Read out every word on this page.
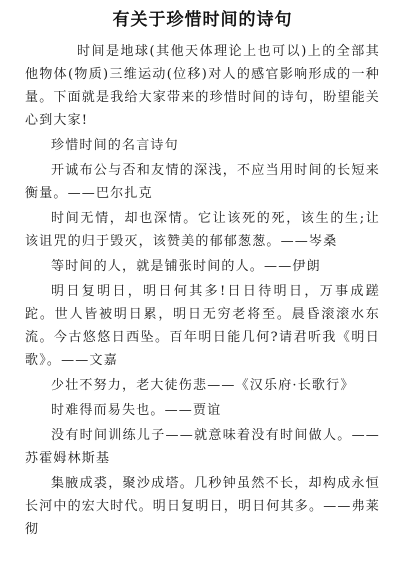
有关于珍惜时间的诗句

时间是地球(其他天体理论上也可以)上的全部其他物体(物质)三维运动(位移)对人的感官影响形成的一种量。下面就是我给大家带来的珍惜时间的诗句，盼望能关心到大家!

珍惜时间的名言诗句

开诚布公与否和友情的深浅，不应当用时间的长短来衡量。——巴尔扎克

时间无情，却也深情。它让该死的死，该生的生;让该诅咒的归于毁灭，该赞美的郁郁葱葱。——岑桑

等时间的人，就是铺张时间的人。——伊朗

明日复明日，明日何其多!日日待明日，万事成蹉跎。世人皆被明日累，明日无穷老将至。晨昏滚滚水东流。今古悠悠日西坠。百年明日能几何?请君听我《明日歌》。——文嘉

少壮不努力，老大徒伤悲——《汉乐府·长歌行》

时难得而易失也。——贾谊

没有时间训练儿子——就意味着没有时间做人。——苏霍姆林斯基

集腋成裘，聚沙成塔。几秒钟虽然不长，却构成永恒长河中的宏大时代。明日复明日，明日何其多。——弗莱彻
